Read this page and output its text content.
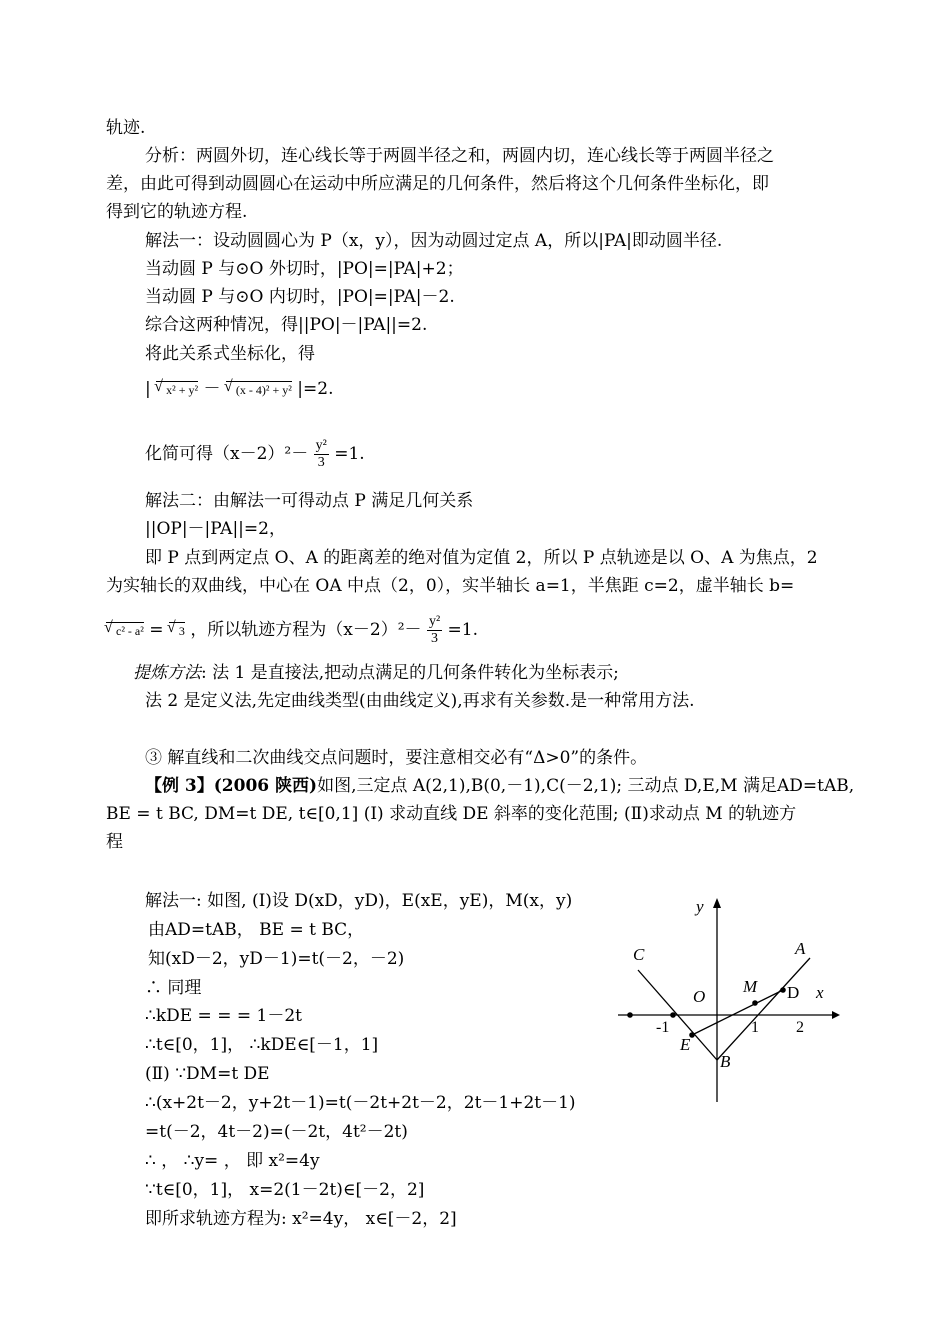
轨迹.
分析：两圆外切，连心线长等于两圆半径之和，两圆内切，连心线长等于两圆半径之
差，由此可得到动圆圆心在运动中所应满足的几何条件，然后将这个几何条件坐标化，即
得到它的轨迹方程.
解法一：设动圆圆心为 P（x，y），因为动圆过定点 A，所以|PA|即动圆半径.
当动圆 P 与⊙O 外切时，|PO|=|PA|+2；
当动圆 P 与⊙O 内切时，|PO|=|PA|－2.
综合这两种情况，得||PO|－|PA||=2.
将此关系式坐标化，得
| √ x² + y² － √ (x - 4)² + y² |=2.
化简可得$(x-2)^2- \frac{\text{y²}}{3} =1$.
解法二：由解法一可得动点 P 满足几何关系
||OP|－|PA||=2，
即 P 点到两定点 O、A 的距离差的绝对值为定值 2，所以 P 点轨迹是以 O、A 为焦点，2
为实轴长的双曲线，中心在 OA 中点（2，0），实半轴长 a=1，半焦距 c=2，虚半轴长 b=
√ c² - a² = √ 3 ，所以轨迹方程为$(x-2)^2- \frac{\text{y²}}{3} =1$.
提炼方法: 法 1 是直接法,把动点满足的几何条件转化为坐标表示;
法 2 是定义法,先定曲线类型(由曲线定义),再求有关参数.是一种常用方法.
③ 解直线和二次曲线交点问题时，要注意相交必有“Δ>0”的条件。
【例 3】(2006 陕西)如图,三定点 A(2,1),B(0,－1),C(－2,1); 三动点 D,E,M 满足AD=tAB,
BE = t BC, DM=t DE, t∈[0,1] (Ⅰ) 求动直线 DE 斜率的变化范围; (Ⅱ)求动点 M 的轨迹方
程
解法一: 如图, (I)设 D(xD，yD)，E(xE，yE)，M(x，y)
由AD=tAB， BE = t BC，
知(xD－2，yD－1)=t(－2，－2)
∴ 同理
∴kDE = = = 1－2t
∴t∈[0，1]， ∴kDE∈[－1，1]
(Ⅱ) ∵DM=t DE
∴(x+2t－2，y+2t－1)=t(－2t+2t－2，2t－1+2t－1)
=t(－2，4t－2)=(－2t，4t²－2t)
∴ ， ∴y= ， 即 x²=4y
∵t∈[0，1]， x=2(1－2t)∈[－2，2]
即所求轨迹方程为: x²=4y， x∈[－2，2]
y
x
C	A
O
M D
E
B
-1	1 2
